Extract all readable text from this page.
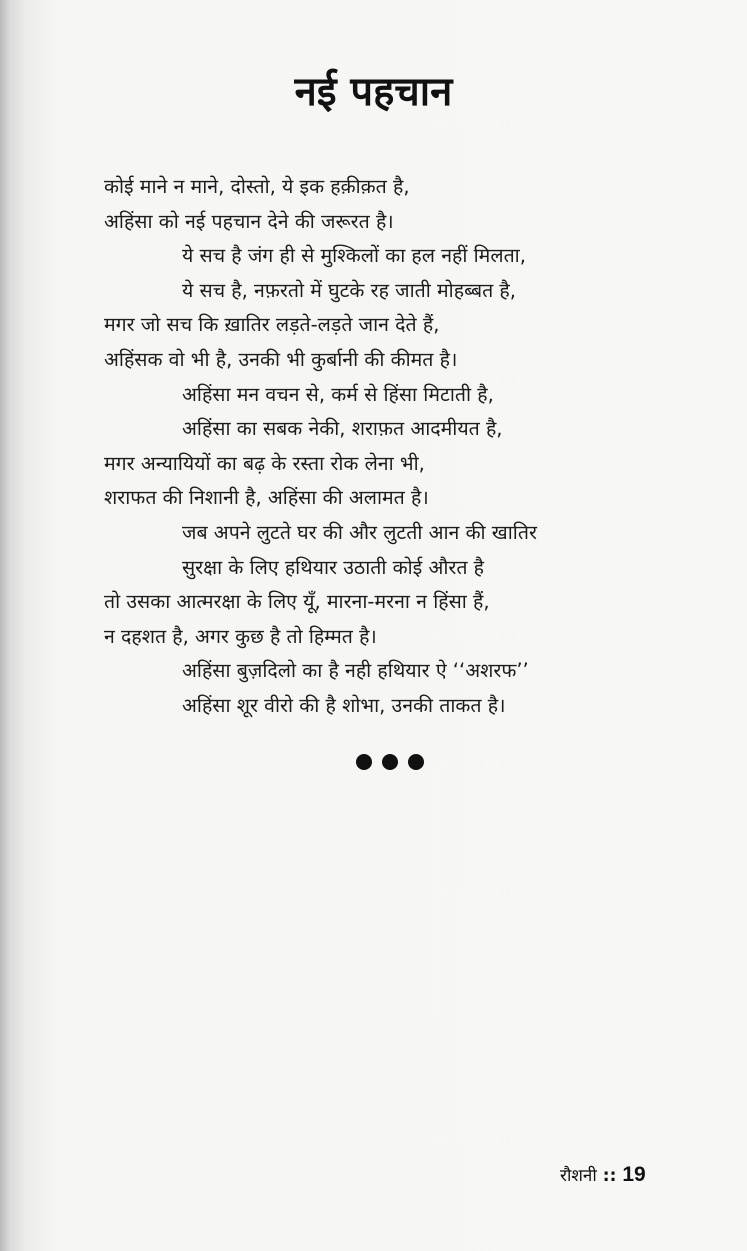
नई पहचान
कोई माने न माने, दोस्तो, ये इक हक़ीक़त है,
अहिंसा को नई पहचान देने की जरूरत है।
ये सच है जंग ही से मुश्किलों का हल नहीं मिलता,
ये सच है, नफ़रतो में घुटके रह जाती मोहब्बत है,
मगर जो सच कि ख़ातिर लड़ते-लड़ते जान देते हैं,
अहिंसक वो भी है, उनकी भी कुर्बानी की कीमत है।
अहिंसा मन वचन से, कर्म से हिंसा मिटाती है,
अहिंसा का सबक नेकी, शराफ़त आदमीयत है,
मगर अन्यायियों का बढ़ के रस्ता रोक लेना भी,
शराफत की निशानी है, अहिंसा की अलामत है।
जब अपने लुटते घर की और लुटती आन की खातिर
सुरक्षा के लिए हथियार उठाती कोई औरत है
तो उसका आत्मरक्षा के लिए यूँ, मारना-मरना न हिंसा हैं,
न दहशत है, अगर कुछ है तो हिम्मत है।
अहिंसा बुज़दिलो का है नही हथियार ऐ ‘‘अशरफ’’
अहिंसा शूर वीरो की है शोभा, उनकी ताकत है।
रौशनी :: 19
